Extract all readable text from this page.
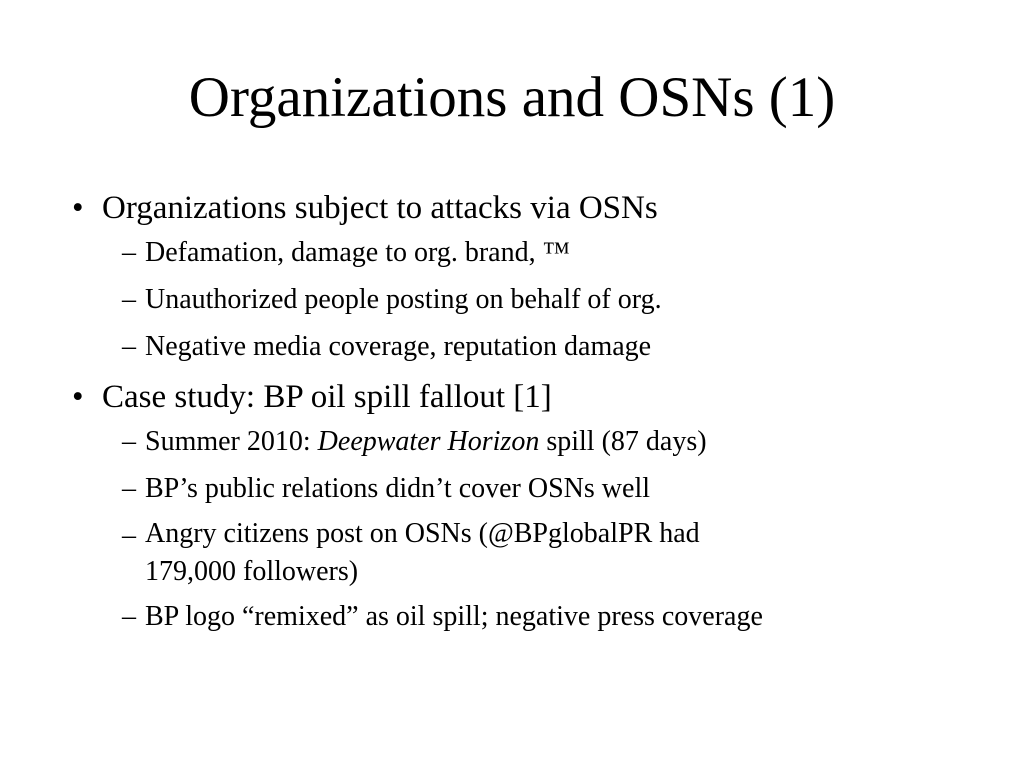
Organizations and OSNs (1)
• Organizations subject to attacks via OSNs
– Defamation, damage to org. brand, ™
– Unauthorized people posting on behalf of org.
– Negative media coverage, reputation damage
• Case study: BP oil spill fallout [1]
– Summer 2010: Deepwater Horizon spill (87 days)
– BP’s public relations didn’t cover OSNs well
– Angry citizens post on OSNs (@BPglobalPR had
179,000 followers)
– BP logo “remixed” as oil spill; negative press coverage
